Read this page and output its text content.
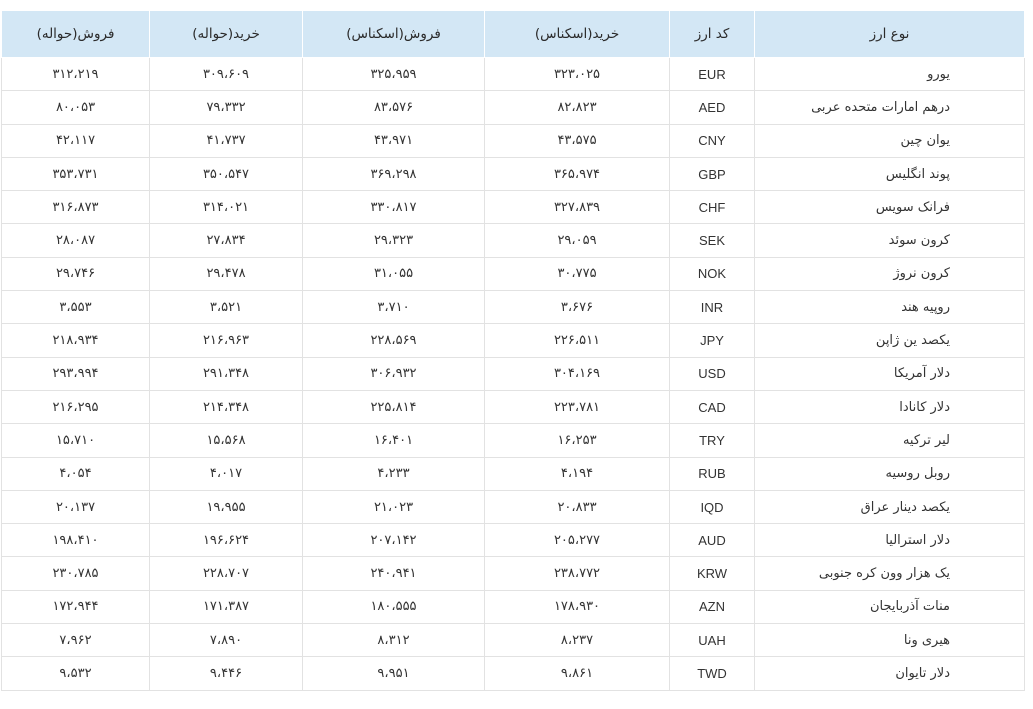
نوع ارز	کد ارز	خرید(اسکناس)	فروش(اسکناس)	خرید(حواله)	فروش(حواله)
یورو	EUR	۳۲۳،۰۲۵	۳۲۵،۹۵۹	۳۰۹،۶۰۹	۳۱۲،۲۱۹
درهم امارات متحده عربی	AED	۸۲،۸۲۳	۸۳،۵۷۶	۷۹،۳۳۲	۸۰،۰۵۳
یوان چین	CNY	۴۳،۵۷۵	۴۳،۹۷۱	۴۱،۷۳۷	۴۲،۱۱۷
پوند انگلیس	GBP	۳۶۵،۹۷۴	۳۶۹،۲۹۸	۳۵۰،۵۴۷	۳۵۳،۷۳۱
فرانک سویس	CHF	۳۲۷،۸۳۹	۳۳۰،۸۱۷	۳۱۴،۰۲۱	۳۱۶،۸۷۳
کرون سوئد	SEK	۲۹،۰۵۹	۲۹،۳۲۳	۲۷،۸۳۴	۲۸،۰۸۷
کرون نروژ	NOK	۳۰،۷۷۵	۳۱،۰۵۵	۲۹،۴۷۸	۲۹،۷۴۶
روپیه هند	INR	۳،۶۷۶	۳،۷۱۰	۳،۵۲۱	۳،۵۵۳
یکصد ین ژاپن	JPY	۲۲۶،۵۱۱	۲۲۸،۵۶۹	۲۱۶،۹۶۳	۲۱۸،۹۳۴
دلار آمریکا	USD	۳۰۴،۱۶۹	۳۰۶،۹۳۲	۲۹۱،۳۴۸	۲۹۳،۹۹۴
دلار کانادا	CAD	۲۲۳،۷۸۱	۲۲۵،۸۱۴	۲۱۴،۳۴۸	۲۱۶،۲۹۵
لیر ترکیه	TRY	۱۶،۲۵۳	۱۶،۴۰۱	۱۵،۵۶۸	۱۵،۷۱۰
روبل روسیه	RUB	۴،۱۹۴	۴،۲۳۳	۴،۰۱۷	۴،۰۵۴
یکصد دینار عراق	IQD	۲۰،۸۳۳	۲۱،۰۲۳	۱۹،۹۵۵	۲۰،۱۳۷
دلار استرالیا	AUD	۲۰۵،۲۷۷	۲۰۷،۱۴۲	۱۹۶،۶۲۴	۱۹۸،۴۱۰
یک هزار وون کره جنوبی	KRW	۲۳۸،۷۷۲	۲۴۰،۹۴۱	۲۲۸،۷۰۷	۲۳۰،۷۸۵
منات آذربایجان	AZN	۱۷۸،۹۳۰	۱۸۰،۵۵۵	۱۷۱،۳۸۷	۱۷۲،۹۴۴
هیری ونا	UAH	۸،۲۳۷	۸،۳۱۲	۷،۸۹۰	۷،۹۶۲
دلار تایوان	TWD	۹،۸۶۱	۹،۹۵۱	۹،۴۴۶	۹،۵۳۲
